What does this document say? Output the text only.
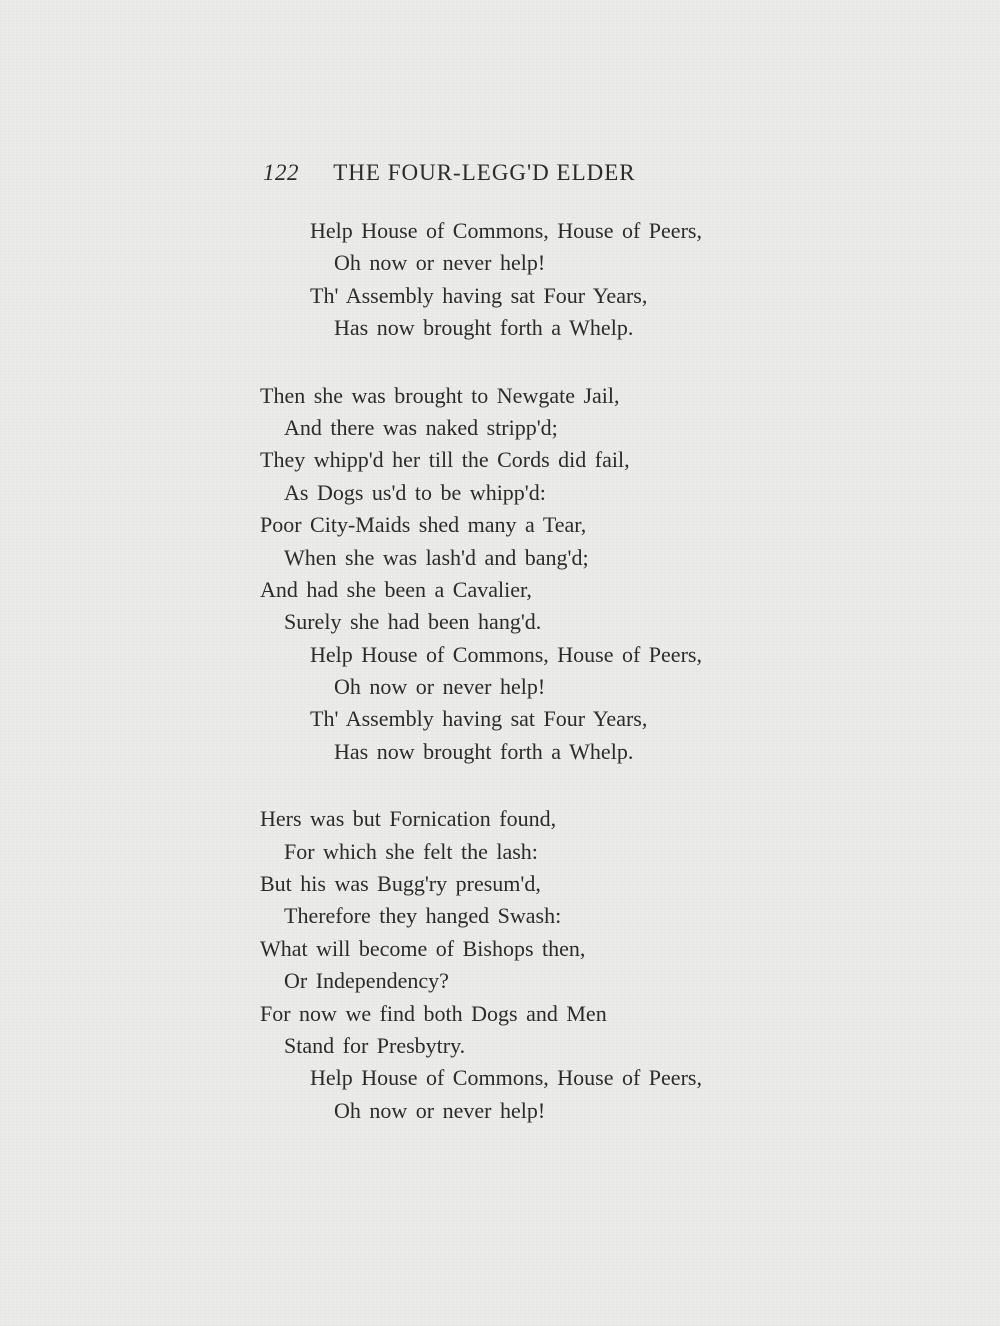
122 THE FOUR-LEGG'D ELDER
Help House of Commons, House of Peers,
Oh now or never help!
Th' Assembly having sat Four Years,
Has now brought forth a Whelp.
Then she was brought to Newgate Jail,
And there was naked stripp'd;
They whipp'd her till the Cords did fail,
As Dogs us'd to be whipp'd:
Poor City-Maids shed many a Tear,
When she was lash'd and bang'd;
And had she been a Cavalier,
Surely she had been hang'd.
Help House of Commons, House of Peers,
Oh now or never help!
Th' Assembly having sat Four Years,
Has now brought forth a Whelp.
Hers was but Fornication found,
For which she felt the lash:
But his was Bugg'ry presum'd,
Therefore they hanged Swash:
What will become of Bishops then,
Or Independency?
For now we find both Dogs and Men
Stand for Presbytry.
Help House of Commons, House of Peers,
Oh now or never help!
